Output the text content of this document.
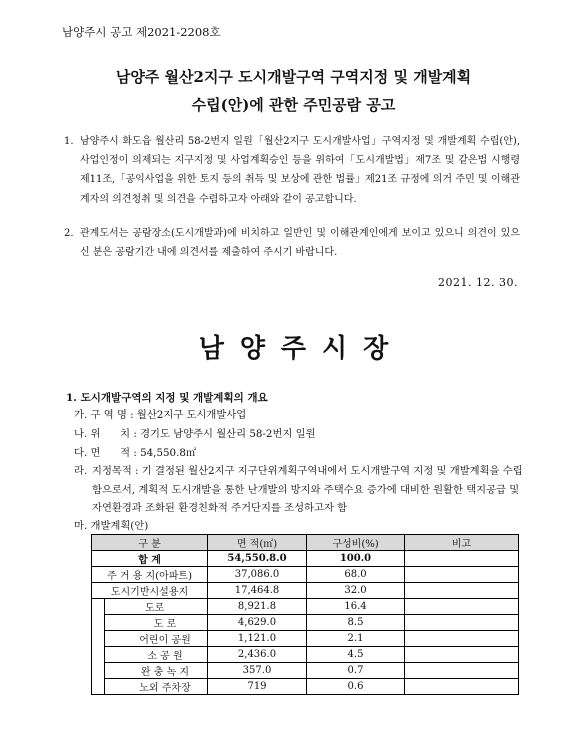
남양주시 공고 제2021-2208호
남양주 월산2지구 도시개발구역 구역지정 및 개발계획
수립(안)에 관한 주민공람 공고
1. 남양주시 화도읍 월산리 58-2번지 일원「월산2지구 도시개발사업」구역지정 및 개발계획 수립(안), 사업인정이 의제되는 지구지정 및 사업계획승인 등을 위하여「도시개발법」제7조 및 같은법 시행령 제11조,「공익사업을 위한 토지 등의 취득 및 보상에 관한 법률」제21조 규정에 의거 주민 및 이해관계자의 의견청취 및 의견을 수렴하고자 아래와 같이 공고합니다.
2. 관계도서는 공람장소(도시개발과)에 비치하고 일반인 및 이해관계인에게 보이고 있으니 의견이 있으신 분은 공람기간 내에 의견서를 제출하여 주시기 바랍니다.
2021. 12. 30.
남양주시장
1. 도시개발구역의 지정 및 개발계획의 개요
가. 구 역 명 : 월산2지구 도시개발사업
나. 위      치 : 경기도 남양주시 월산리 58-2번지 일원
다. 면      적 : 54,550.8㎡
라. 지정목적 : 기 결정된 월산2지구 지구단위계획구역내에서 도시개발구역 지정 및 개발계획을 수립함으로서, 계획적 도시개발을 통한 난개발의 방지와 주택수요 증가에 대비한 원활한 택지공급 및 자연환경과 조화된 환경친화적 주거단지를 조성하고자 함
마. 개발계획(안)
구 분		면 적(㎡)	구성비(%)	비고
합 계		54,550.8.0	100.0	
주 거 용 지(아파트)		37,086.0	68.0	
도시기반시설용지		17,464.8	32.0	
	도로	8,921.8	16.4	
	도 로	4,629.0	8.5	
	어린이 공원	1,121.0	2.1	
	소 공 원	2,436.0	4.5	
	완 충 녹 지	357.0	0.7	
	노외 주차장	719	0.6	
